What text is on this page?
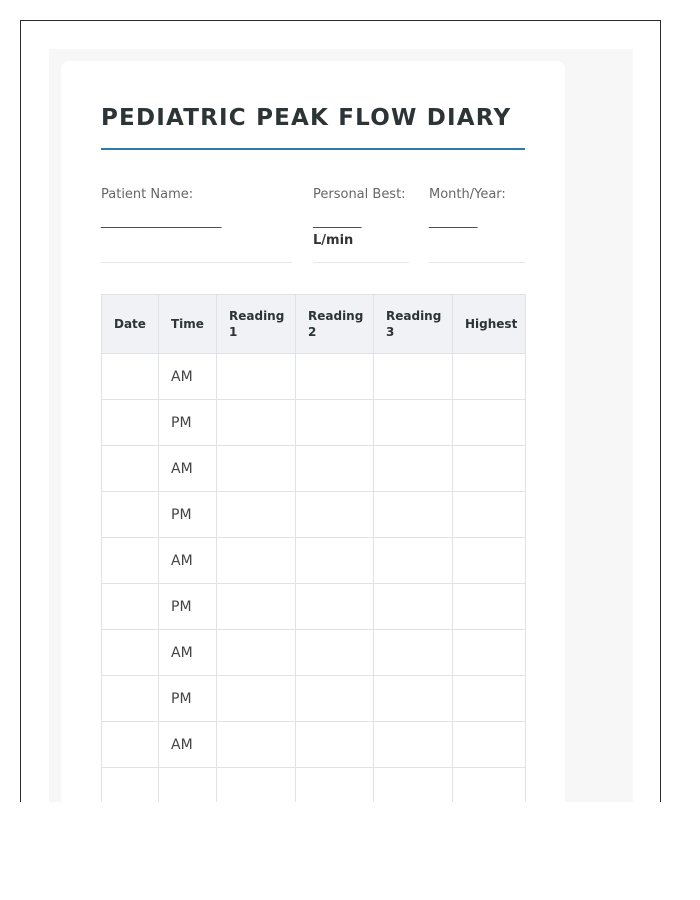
PEDIATRIC PEAK FLOW DIARY
Patient Name:
____________________
Personal Best:
________
L/min
Month/Year:
________
Date	Time	Reading 1	Reading 2	Reading 3	Highest
	AM				
	PM				
	AM				
	PM				
	AM				
	PM				
	AM				
	PM				
	AM				
